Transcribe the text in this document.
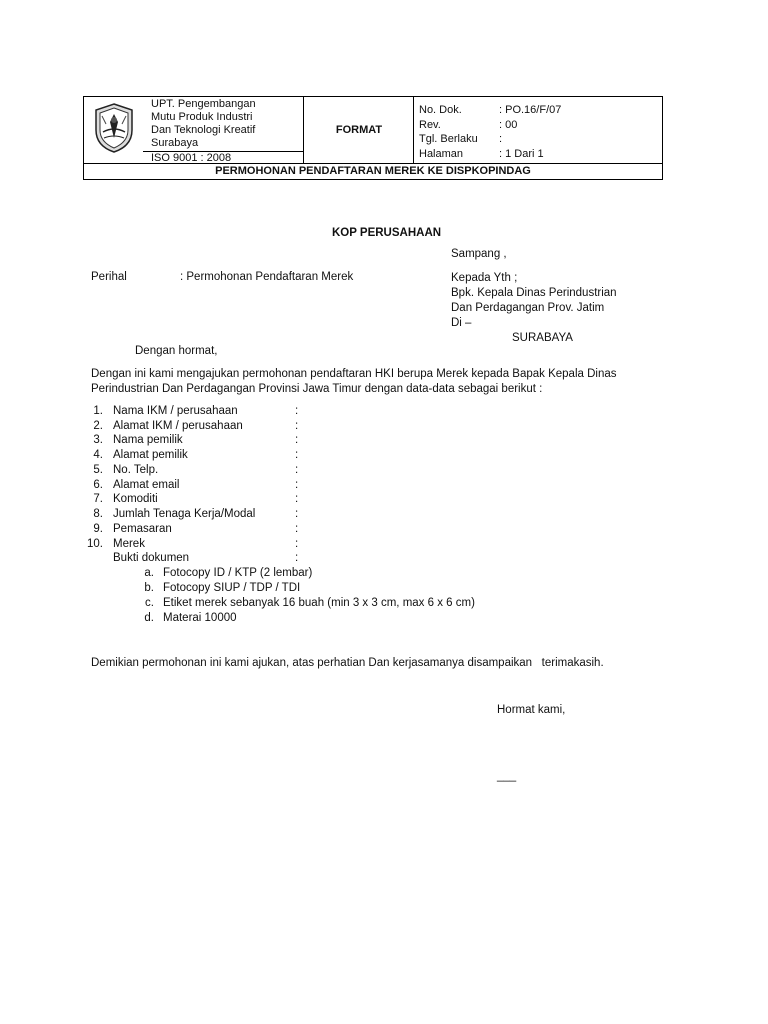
UPT. Pengembangan
Mutu Produk Industri
Dan Teknologi Kreatif
Surabaya
ISO 9001 : 2008
FORMAT
No. Dok.	: PO.16/F/07
Rev.	: 00
Tgl. Berlaku	:
Halaman	: 1 Dari 1
PERMOHONAN PENDAFTARAN MEREK KE DISPKOPINDAG
KOP PERUSAHAAN
Sampang ,
Perihal	: Permohonan Pendaftaran Merek	Kepada Yth ;
Bpk. Kepala Dinas Perindustrian
Dan Perdagangan Prov. Jatim
Di –
SURABAYA
Dengan hormat,
Dengan ini kami mengajukan permohonan pendaftaran HKI berupa Merek kepada Bapak Kepala Dinas
Perindustrian Dan Perdagangan Provinsi Jawa Timur dengan data-data sebagai berikut :
1. Nama IKM / perusahaan	:
2. Alamat IKM / perusahaan	:
3. Nama pemilik	:
4. Alamat pemilik	:
5. No. Telp.	:
6. Alamat email	:
7. Komoditi	:
8. Jumlah Tenaga Kerja/Modal	:
9. Pemasaran	:
10. Merek	:
Bukti dokumen	:
a. Fotocopy ID / KTP (2 lembar)
b. Fotocopy SIUP / TDP / TDI
c. Etiket merek sebanyak 16 buah (min 3 x 3 cm, max 6 x 6 cm)
d. Materai 10000
Demikian permohonan ini kami ajukan, atas perhatian Dan kerjasamanya disampaikan   terimakasih.
Hormat kami,
___
